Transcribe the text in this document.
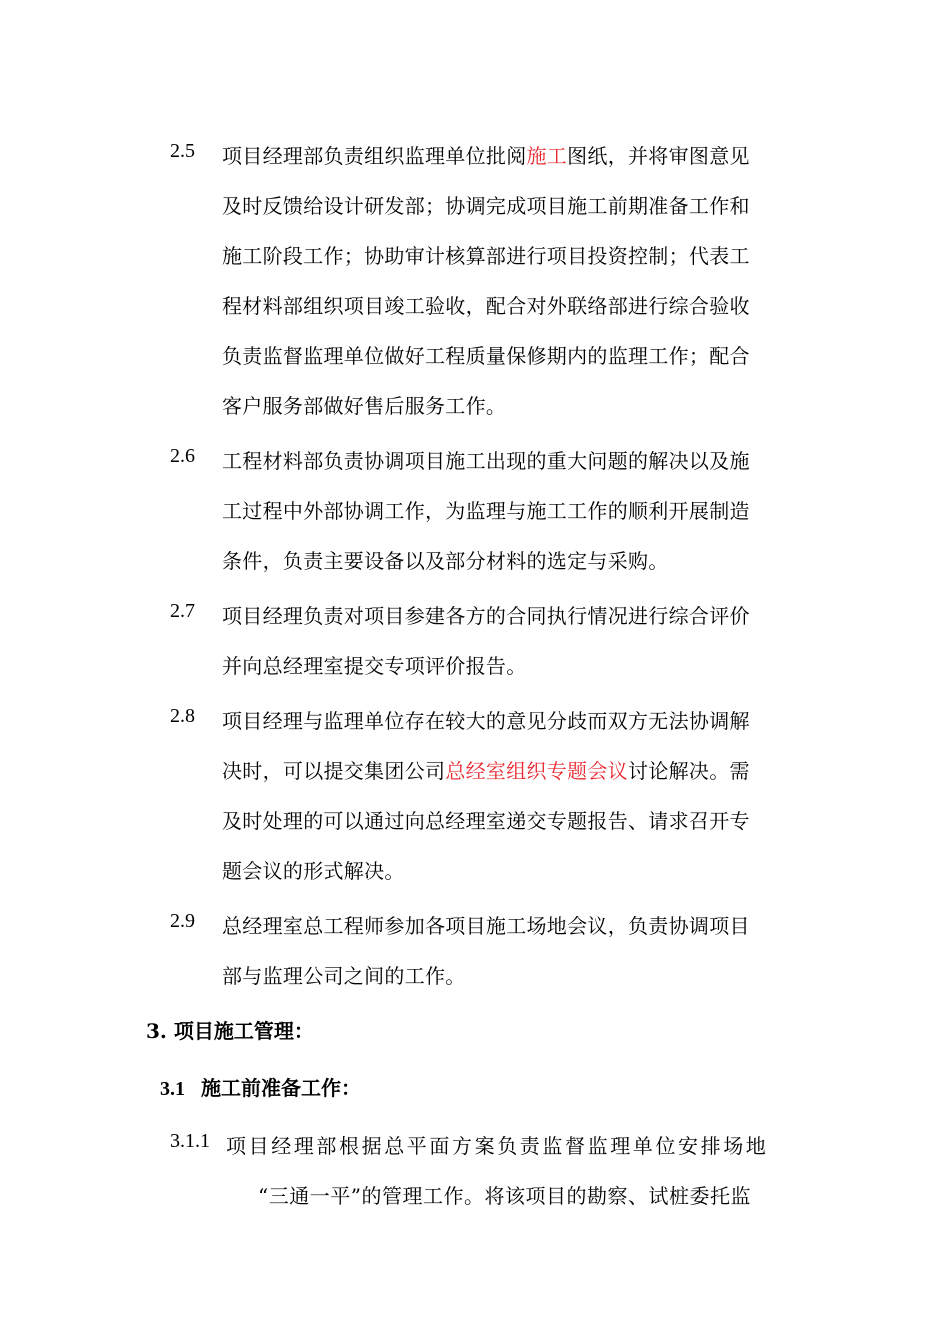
2.5 项目经理部负责组织监理单位批阅施工图纸，并将审图意见
及时反馈给设计研发部；协调完成项目施工前期准备工作和
施工阶段工作；协助审计核算部进行项目投资控制；代表工
程材料部组织项目竣工验收，配合对外联络部进行综合验收
负责监督监理单位做好工程质量保修期内的监理工作；配合
客户服务部做好售后服务工作。
2.6 工程材料部负责协调项目施工出现的重大问题的解决以及施
工过程中外部协调工作，为监理与施工工作的顺利开展制造
条件，负责主要设备以及部分材料的选定与采购。
2.7 项目经理负责对项目参建各方的合同执行情况进行综合评价
并向总经理室提交专项评价报告。
2.8 项目经理与监理单位存在较大的意见分歧而双方无法协调解
决时，可以提交集团公司总经室组织专题会议讨论解决。需
及时处理的可以通过向总经理室递交专题报告、请求召开专
题会议的形式解决。
2.9 总经理室总工程师参加各项目施工场地会议，负责协调项目
部与监理公司之间的工作。
3. 项目施工管理：
3.1 施工前准备工作：
3.1.1 项目经理部根据总平面方案负责监督监理单位安排场地
“三通一平”的管理工作。将该项目的勘察、试桩委托监
